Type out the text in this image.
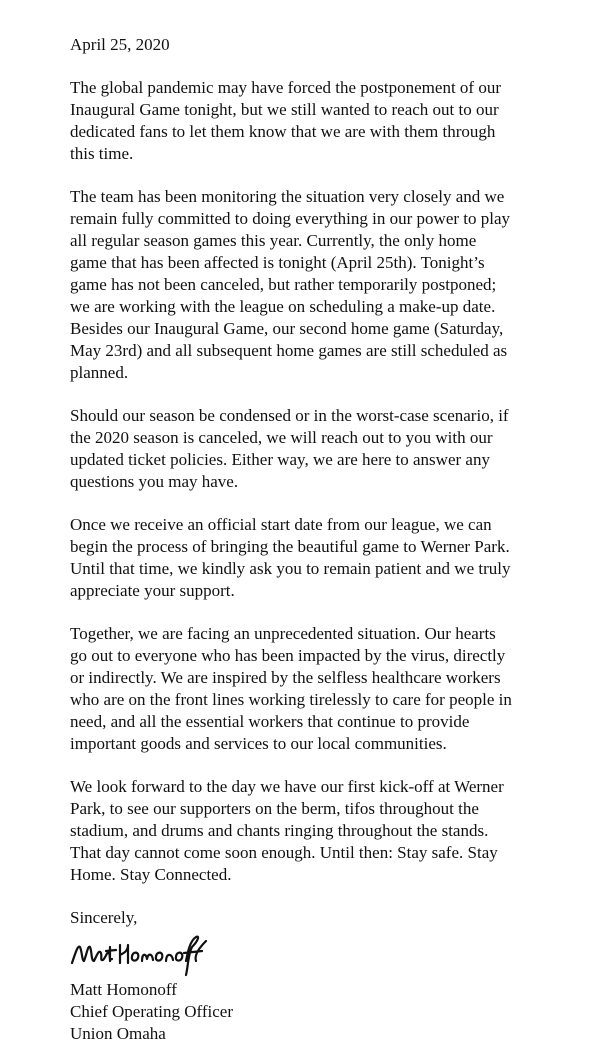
April 25, 2020

The global pandemic may have forced the postponement of our
Inaugural Game tonight, but we still wanted to reach out to our
dedicated fans to let them know that we are with them through
this time.

The team has been monitoring the situation very closely and we
remain fully committed to doing everything in our power to play
all regular season games this year. Currently, the only home
game that has been affected is tonight (April 25th). Tonight’s
game has not been canceled, but rather temporarily postponed;
we are working with the league on scheduling a make-up date.
Besides our Inaugural Game, our second home game (Saturday,
May 23rd) and all subsequent home games are still scheduled as
planned.

Should our season be condensed or in the worst-case scenario, if
the 2020 season is canceled, we will reach out to you with our
updated ticket policies. Either way, we are here to answer any
questions you may have.

Once we receive an official start date from our league, we can
begin the process of bringing the beautiful game to Werner Park.
Until that time, we kindly ask you to remain patient and we truly
appreciate your support.

Together, we are facing an unprecedented situation. Our hearts
go out to everyone who has been impacted by the virus, directly
or indirectly. We are inspired by the selfless healthcare workers
who are on the front lines working tirelessly to care for people in
need, and all the essential workers that continue to provide
important goods and services to our local communities.

We look forward to the day we have our first kick-off at Werner
Park, to see our supporters on the berm, tifos throughout the
stadium, and drums and chants ringing throughout the stands.
That day cannot come soon enough. Until then: Stay safe. Stay
Home. Stay Connected.

Sincerely,

Matt Homonoff

Chief Operating Officer

Union Omaha
